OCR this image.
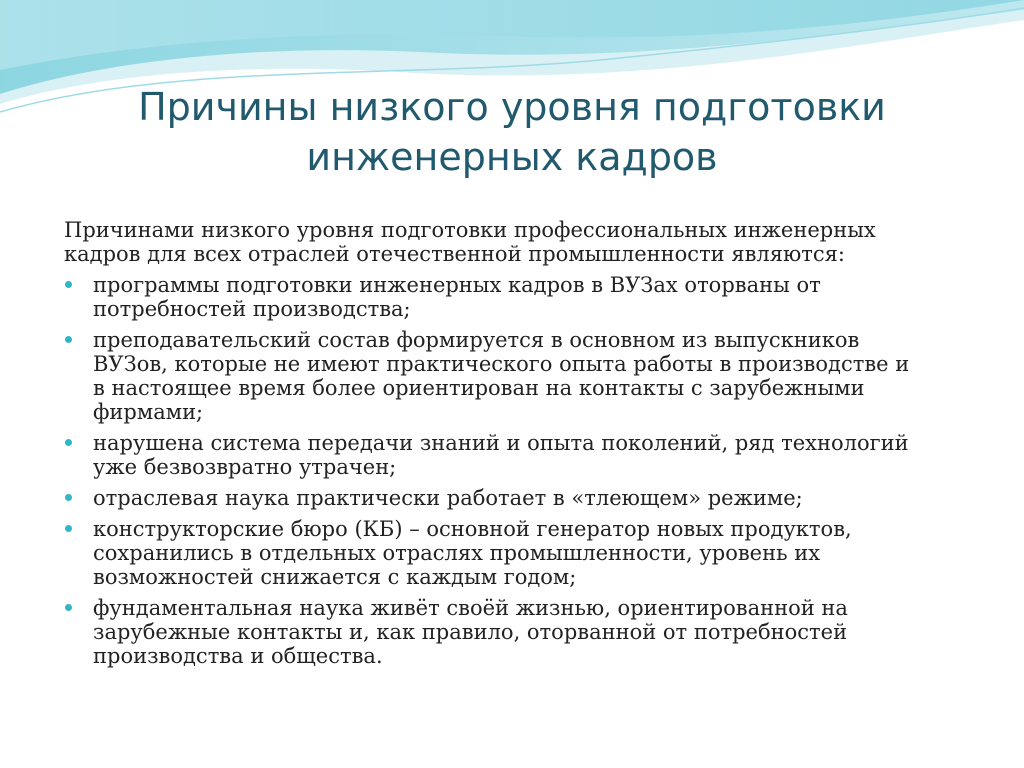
Причины низкого уровня подготовки
инженерных кадров

Причинами низкого уровня подготовки профессиональных инженерных
кадров для всех отраслей отечественной промышленности являются:

программы подготовки инженерных кадров в ВУЗах оторваны от
потребностей производства;
преподавательский состав формируется в основном из выпускников
ВУЗов, которые не имеют практического опыта работы в производстве и
в настоящее время более ориентирован на контакты с зарубежными
фирмами;
нарушена система передачи знаний и опыта поколений, ряд технологий
уже безвозвратно утрачен;
отраслевая наука практически работает в «тлеющем» режиме;
конструкторские бюро (КБ) – основной генератор новых продуктов,
сохранились в отдельных отраслях промышленности, уровень их
возможностей снижается с каждым годом;
фундаментальная наука живёт своёй жизнью, ориентированной на
зарубежные контакты и, как правило, оторванной от потребностей
производства и общества.
